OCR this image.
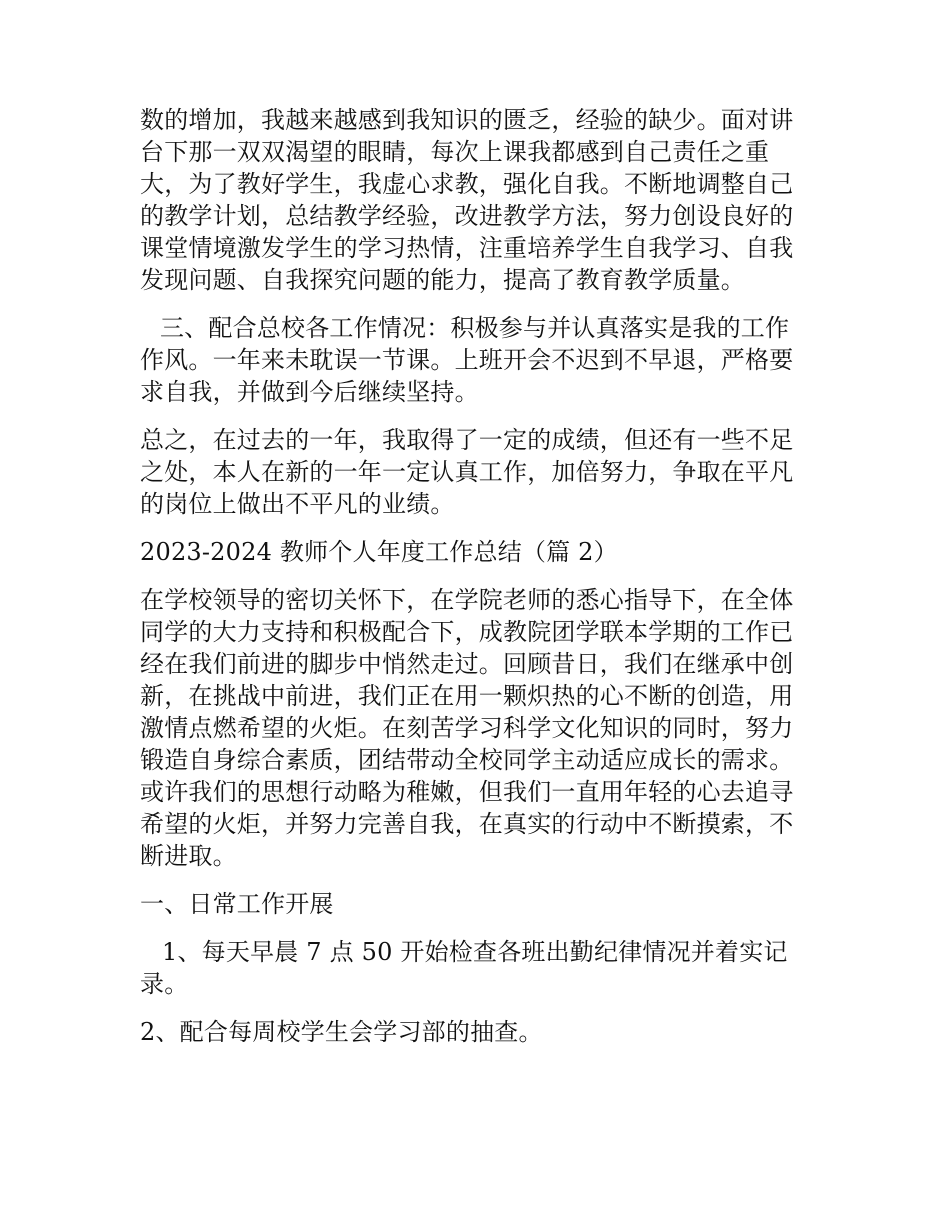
数的增加，我越来越感到我知识的匮乏，经验的缺少。面对讲
台下那一双双渴望的眼睛，每次上课我都感到自己责任之重
大，为了教好学生，我虚心求教，强化自我。不断地调整自己
的教学计划，总结教学经验，改进教学方法，努力创设良好的
课堂情境激发学生的学习热情，注重培养学生自我学习、自我
发现问题、自我探究问题的能力，提高了教育教学质量。
三、配合总校各工作情况：积极参与并认真落实是我的工作
作风。一年来未耽误一节课。上班开会不迟到不早退，严格要
求自我，并做到今后继续坚持。
总之，在过去的一年，我取得了一定的成绩，但还有一些不足
之处，本人在新的一年一定认真工作，加倍努力，争取在平凡
的岗位上做出不平凡的业绩。
2023-2024 教师个人年度工作总结（篇 2）
在学校领导的密切关怀下，在学院老师的悉心指导下，在全体
同学的大力支持和积极配合下，成教院团学联本学期的工作已
经在我们前进的脚步中悄然走过。回顾昔日，我们在继承中创
新，在挑战中前进，我们正在用一颗炽热的心不断的创造，用
激情点燃希望的火炬。在刻苦学习科学文化知识的同时，努力
锻造自身综合素质，团结带动全校同学主动适应成长的需求。
或许我们的思想行动略为稚嫩，但我们一直用年轻的心去追寻
希望的火炬，并努力完善自我，在真实的行动中不断摸索，不
断进取。
一、日常工作开展
1、每天早晨 7 点 50 开始检查各班出勤纪律情况并着实记
录。
2、配合每周校学生会学习部的抽查。
